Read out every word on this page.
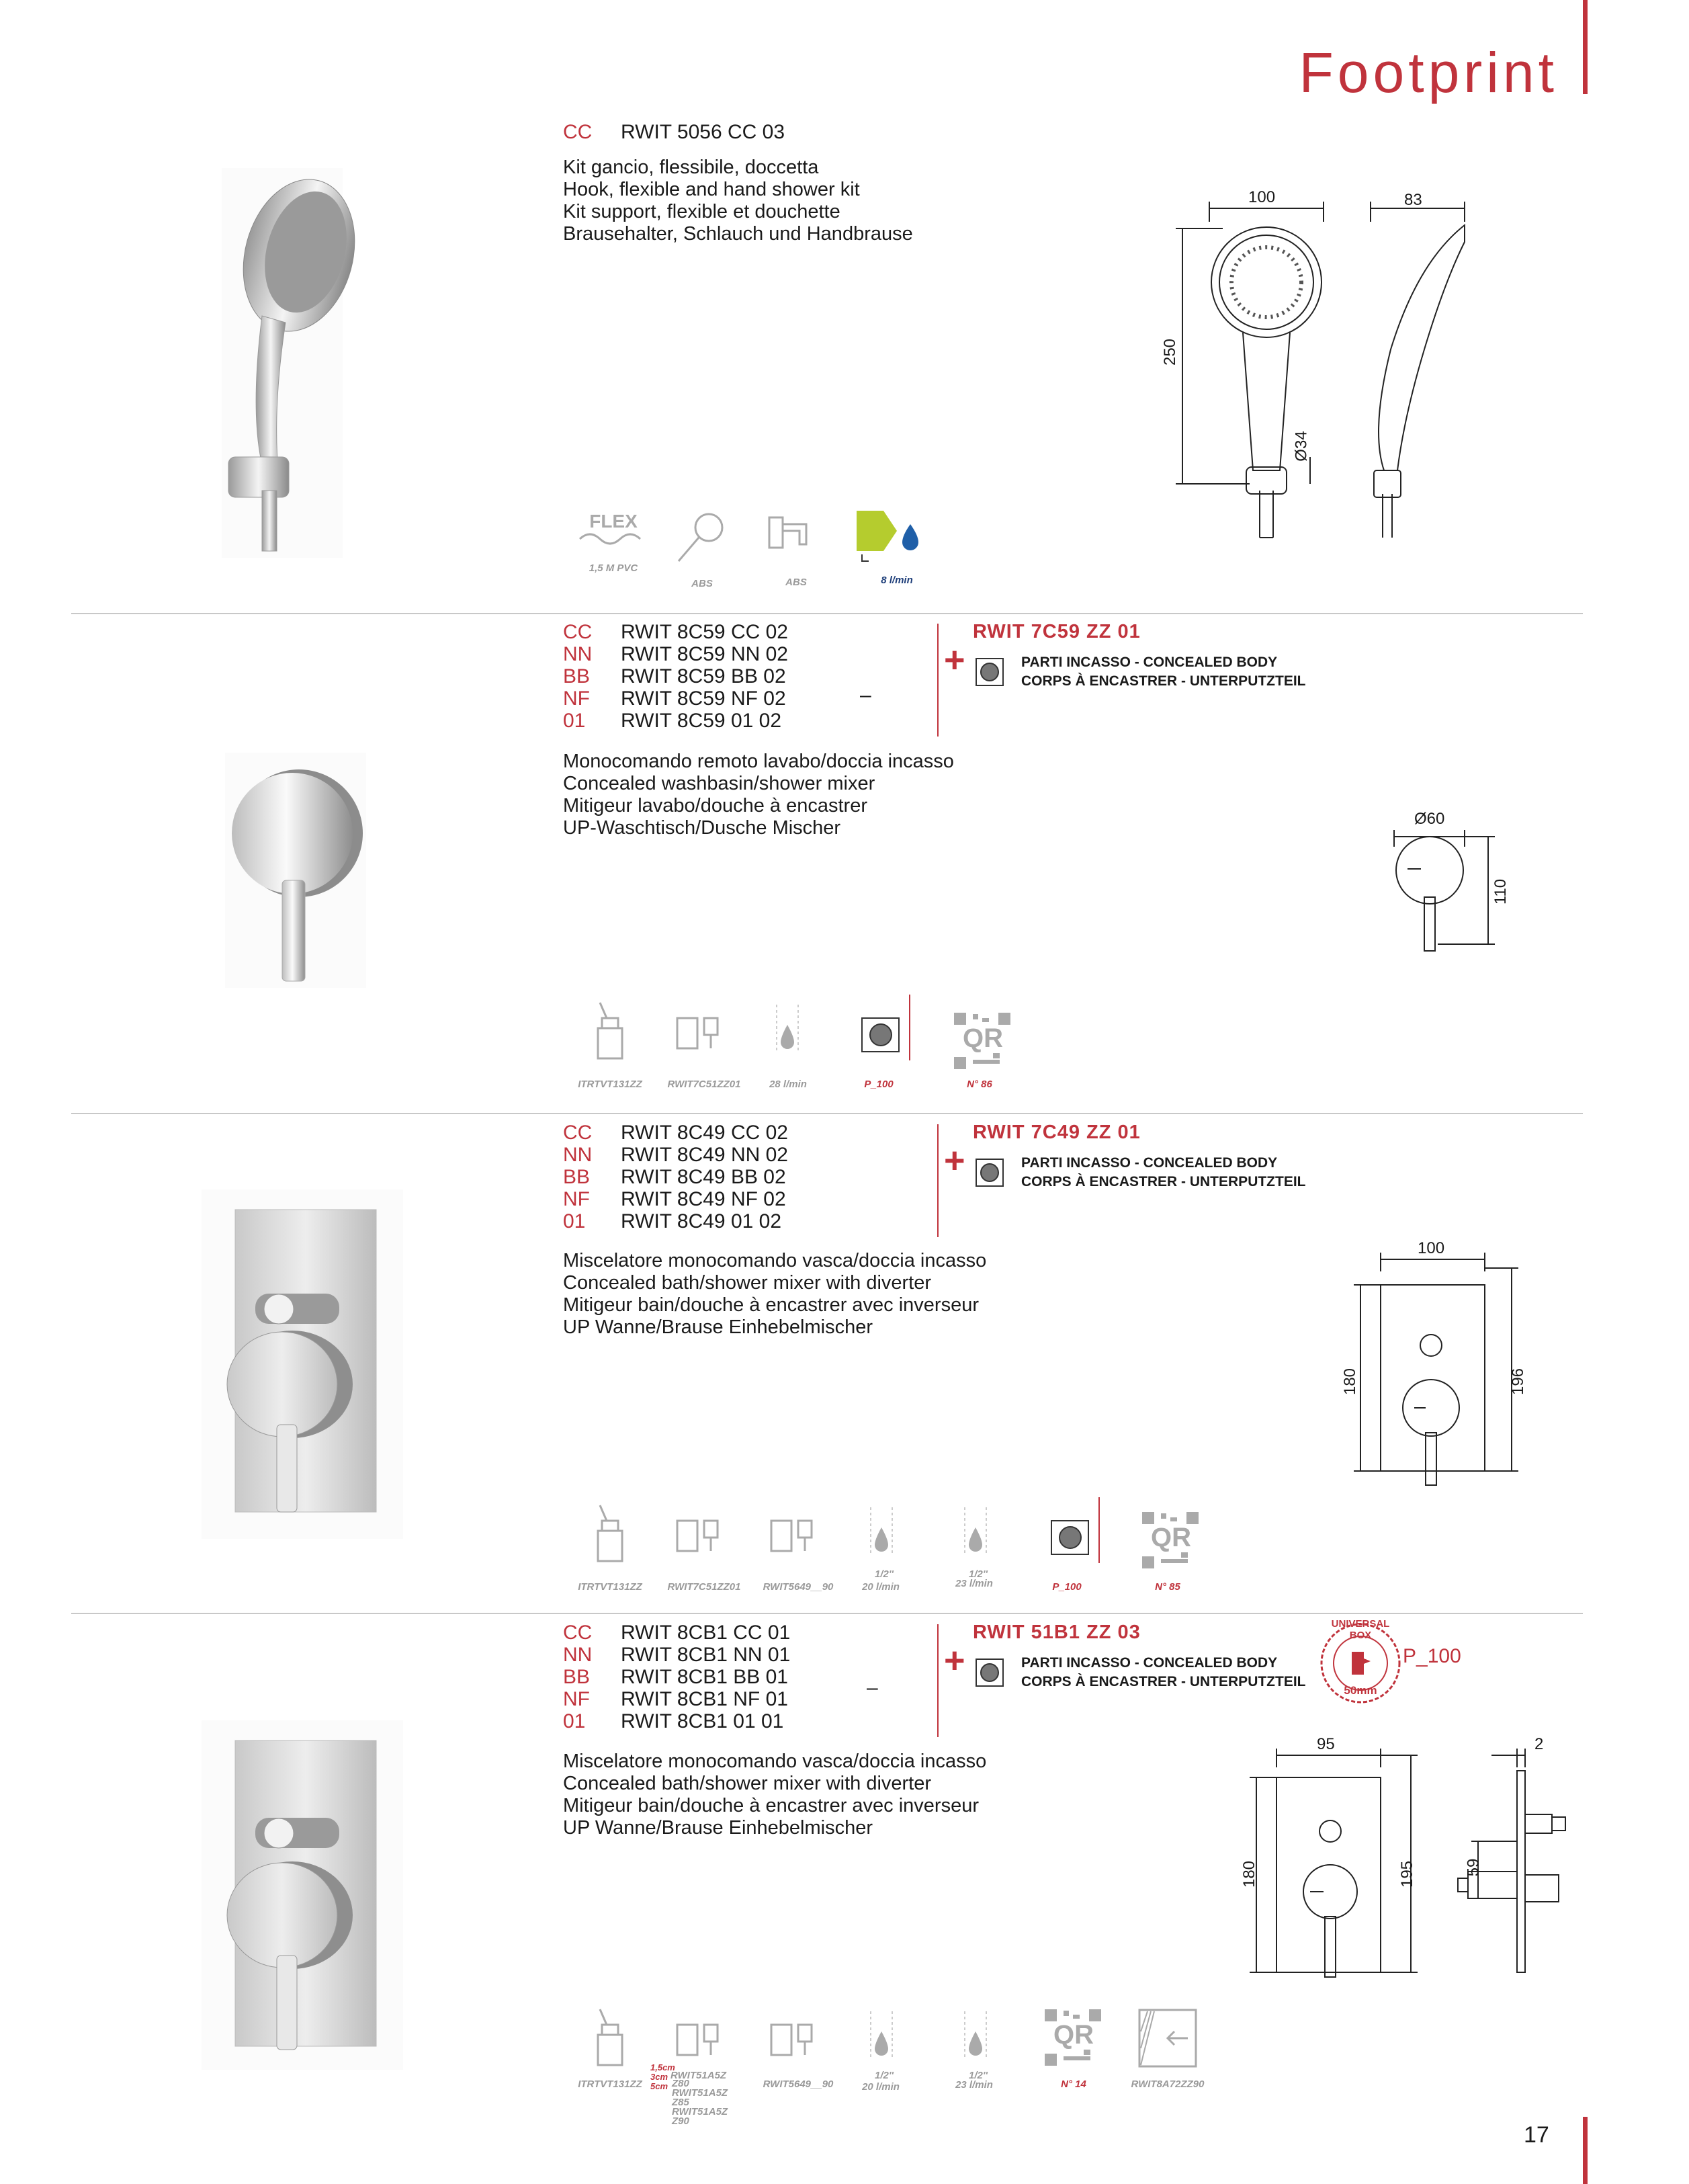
Footprint
CC	RWIT 5056 CC 03
Kit gancio, flessibile, doccetta
Hook, flexible and hand shower kit
Kit support, flexible et douchette
Brausehalter, Schlauch und Handbrause
100	83
250
Ø34
FLEX
1,5 M PVC
ABS	ABS	8 l/min
CC	RWIT 8C59 CC 02
NN	RWIT 8C59 NN 02
BB	RWIT 8C59 BB 02
NF	RWIT 8C59 NF 02
01	RWIT 8C59 01 02
–
RWIT 7C59 ZZ 01
+	PARTI INCASSO - CONCEALED BODY
CORPS À ENCASTRER - UNTERPUTZTEIL
Monocomando remoto lavabo/doccia incasso
Concealed washbasin/shower mixer
Mitigeur lavabo/douche à encastrer
UP-Waschtisch/Dusche Mischer	Ø60
110
QR
ITRTVT131ZZ	RWIT7C51ZZ01	28 l/min	P_100	N° 86
CC	RWIT 8C49 CC 02
NN	RWIT 8C49 NN 02
BB	RWIT 8C49 BB 02
NF	RWIT 8C49 NF 02
01	RWIT 8C49 01 02
RWIT 7C49 ZZ 01
+	PARTI INCASSO - CONCEALED BODY
CORPS À ENCASTRER - UNTERPUTZTEIL
Miscelatore monocomando vasca/doccia incasso
Concealed bath/shower mixer with diverter
Mitigeur bain/douche à encastrer avec inverseur
UP Wanne/Brause Einhebelmischer
100
180	196
QR
ITRTVT131ZZ	RWIT7C51ZZ01	RWIT5649__90
1/2''
20 l/min
1/2''
23 l/min	P_100	N° 85
CC	RWIT 8CB1 CC 01
NN	RWIT 8CB1 NN 01
BB	RWIT 8CB1 BB 01
NF	RWIT 8CB1 NF 01
01	RWIT 8CB1 01 01
–
RWIT 51B1 ZZ 03
+	PARTI INCASSO - CONCEALED BODY
CORPS À ENCASTRER - UNTERPUTZTEIL
UNIVERSAL BOX
50mm
P_100
Miscelatore monocomando vasca/doccia incasso
Concealed bath/shower mixer with diverter
Mitigeur bain/douche à encastrer avec inverseur
UP Wanne/Brause Einhebelmischer
95	2
180	195	59
QR
ITRTVT131ZZ
RWIT51A5Z
1,5cm
3cm
5cm Z80
RWIT51A5Z
Z85
RWIT51A5Z
Z90
RWIT5649__90
1/2''
20 l/min
1/2''
23 l/min	N° 14	RWIT8A72ZZ90
17
